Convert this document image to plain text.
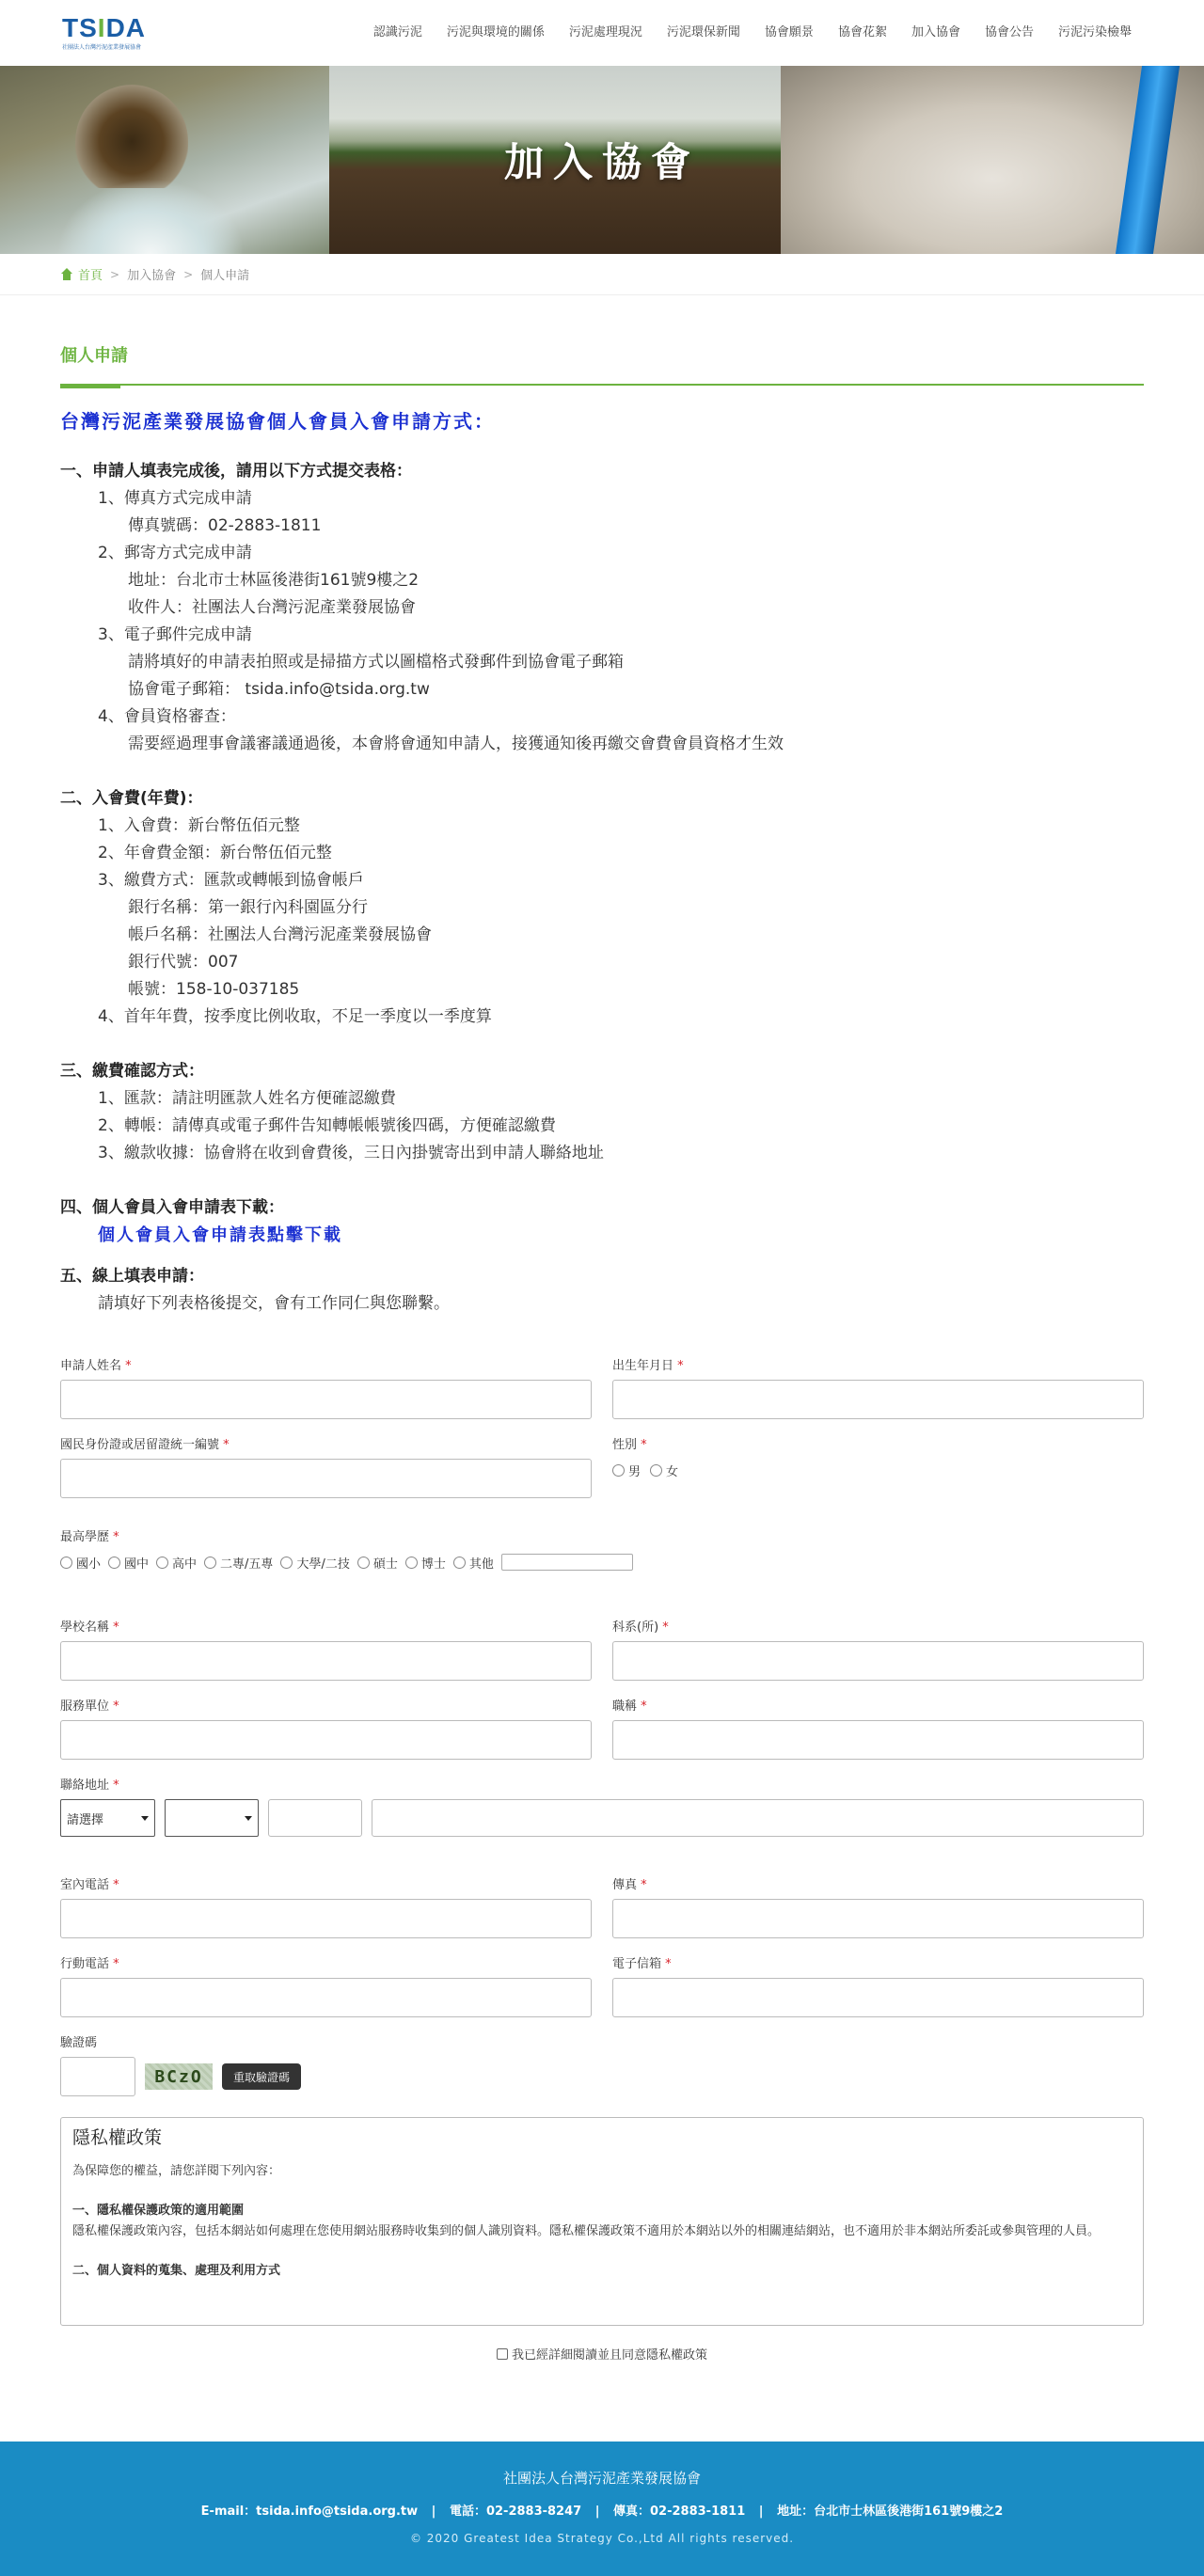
TSIDA
社團法人台灣污泥產業發展協會
認識污泥	污泥與環境的關係	污泥處理現況	污泥環保新聞	協會願景	協會花絮	加入協會	協會公告	污泥污染檢舉
加入協會
首頁 > 加入協會 > 個人申請
個人申請
台灣污泥產業發展協會個人會員入會申請方式：
一、申請人填表完成後，請用以下方式提交表格：
1、傳真方式完成申請
傳真號碼：02-2883-1811
2、郵寄方式完成申請
地址：台北市士林區後港街161號9樓之2
收件人：社團法人台灣污泥產業發展協會
3、電子郵件完成申請
請將填好的申請表拍照或是掃描方式以圖檔格式發郵件到協會電子郵箱
協會電子郵箱： tsida.info@tsida.org.tw
4、會員資格審查：
需要經過理事會議審議通過後，本會將會通知申請人，接獲通知後再繳交會費會員資格才生效
二、入會費(年費)：
1、入會費：新台幣伍佰元整
2、年會費金額：新台幣伍佰元整
3、繳費方式：匯款或轉帳到協會帳戶
銀行名稱：第一銀行內科園區分行
帳戶名稱：社團法人台灣污泥產業發展協會
銀行代號：007
帳號：158-10-037185
4、首年年費，按季度比例收取，不足一季度以一季度算
三、繳費確認方式：
1、匯款：請註明匯款人姓名方便確認繳費
2、轉帳：請傳真或電子郵件告知轉帳帳號後四碼，方便確認繳費
3、繳款收據：協會將在收到會費後，三日內掛號寄出到申請人聯絡地址
四、個人會員入會申請表下載：
個人會員入會申請表點擊下載
五、線上填表申請：
請填好下列表格後提交，會有工作同仁與您聯繫。
申請人姓名 *	出生年月日 *
國民身份證或居留證統一編號 *	性別 *
男	女
最高學歷 *
國小	國中	高中	二專/五專	大學/二技	碩士	博士	其他
學校名稱 *	科系(所) *
服務單位 *	職稱 *
聯絡地址 *
請選擇
室內電話 *	傳真 *
行動電話 *	電子信箱 *
驗證碼
BCzO	重取驗證碼
隱私權政策

為保障您的權益，請您詳閱下列內容：

一、隱私權保護政策的適用範圍
隱私權保護政策內容，包括本網站如何處理在您使用網站服務時收集到的個人識別資料。隱私權保護政策不適用於本網站以外的相關連結網站，也不適用於非本網站所委託或參與管理的人員。

二、個人資料的蒐集、處理及利用方式

我已經詳細閱讀並且同意隱私權政策
社團法人台灣污泥產業發展協會
E-mail：tsida.info@tsida.org.tw | 電話：02-2883-8247 | 傳真：02-2883-1811 | 地址：台北市士林區後港街161號9樓之2
© 2020 Greatest Idea Strategy Co.,Ltd All rights reserved.
